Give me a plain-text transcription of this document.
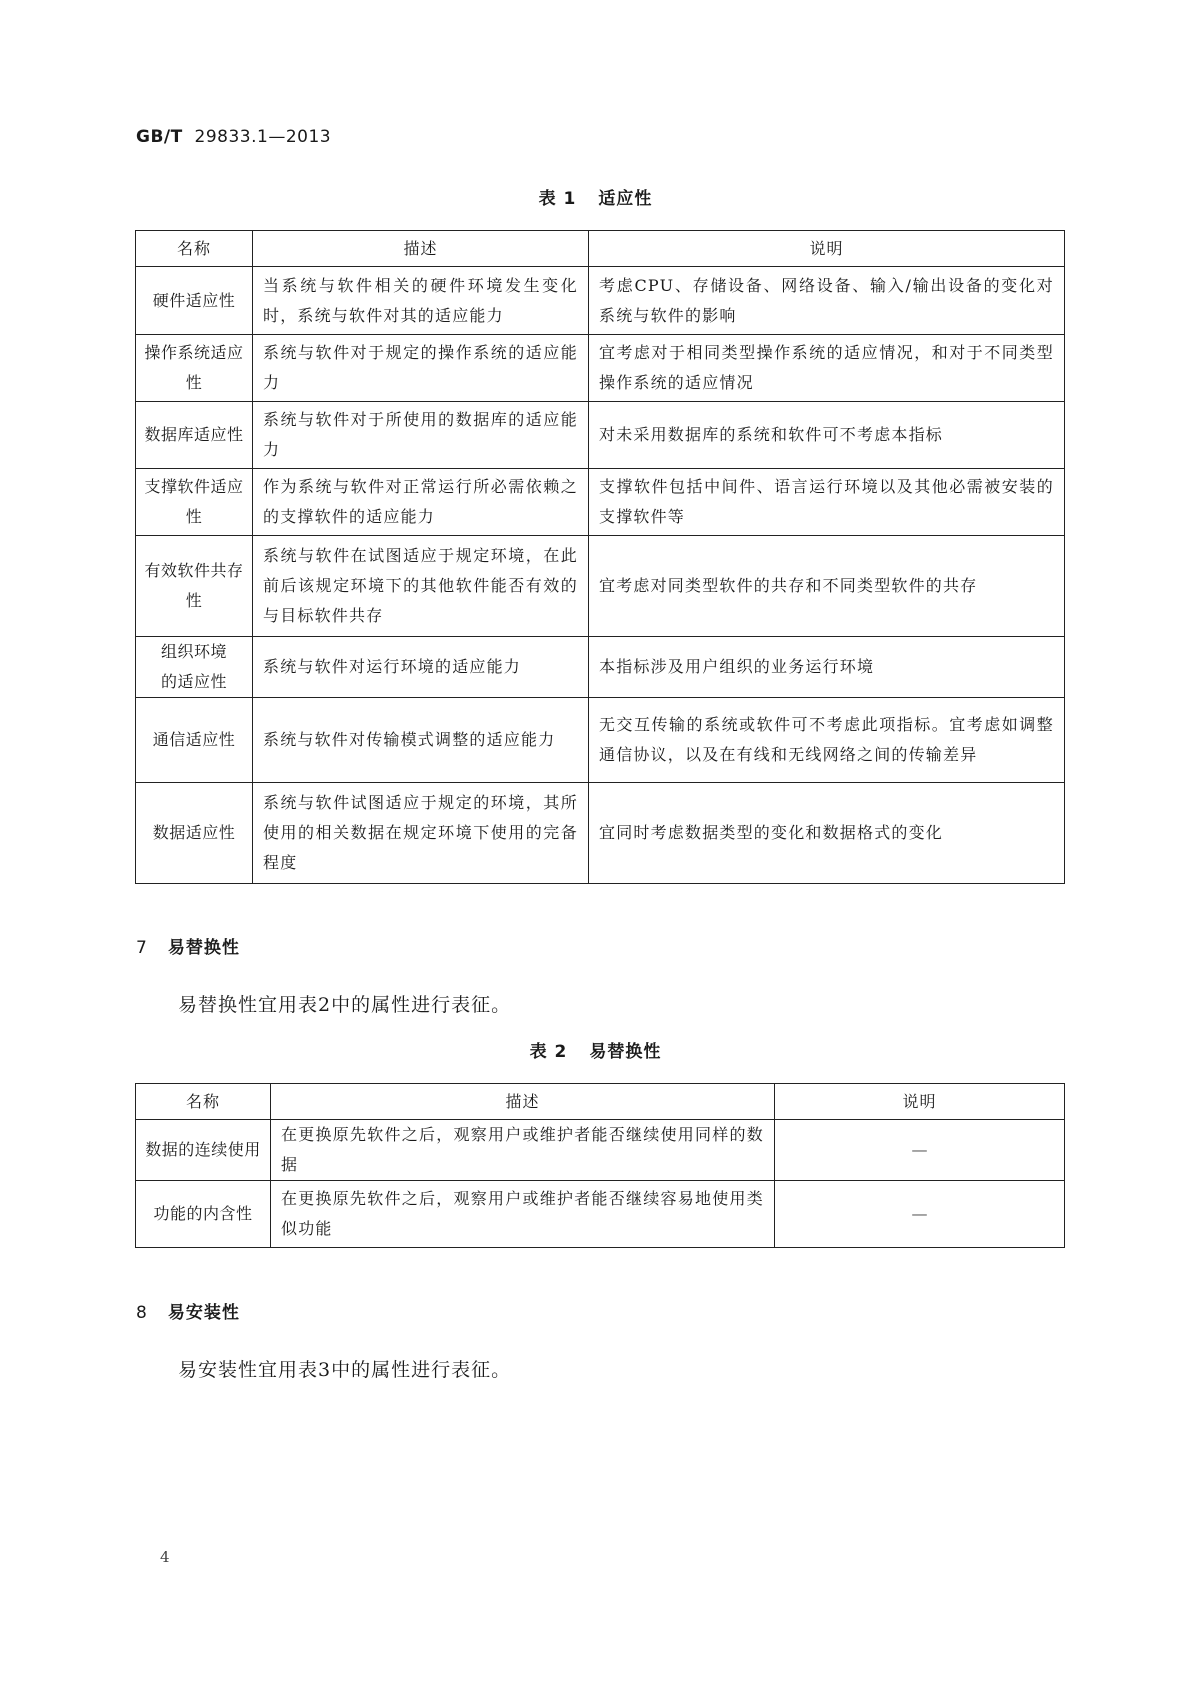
GB/T 29833.1—2013
表 1 适应性
名称	描述	说明
硬件适应性	当系统与软件相关的硬件环境发生变化时，系统与软件对其的适应能力	考虑CPU、存储设备、网络设备、输入/输出设备的变化对系统与软件的影响
操作系统适应性	系统与软件对于规定的操作系统的适应能力	宜考虑对于相同类型操作系统的适应情况，和对于不同类型操作系统的适应情况
数据库适应性	系统与软件对于所使用的数据库的适应能力	对未采用数据库的系统和软件可不考虑本指标
支撑软件适应性	作为系统与软件对正常运行所必需依赖之的支撑软件的适应能力	支撑软件包括中间件、语言运行环境以及其他必需被安装的支撑软件等
有效软件共存性	系统与软件在试图适应于规定环境，在此前后该规定环境下的其他软件能否有效的与目标软件共存	宜考虑对同类型软件的共存和不同类型软件的共存
组织环境的适应性	系统与软件对运行环境的适应能力	本指标涉及用户组织的业务运行环境
通信适应性	系统与软件对传输模式调整的适应能力	无交互传输的系统或软件可不考虑此项指标。宜考虑如调整通信协议，以及在有线和无线网络之间的传输差异
数据适应性	系统与软件试图适应于规定的环境，其所使用的相关数据在规定环境下使用的完备程度	宜同时考虑数据类型的变化和数据格式的变化
7 易替换性
易替换性宜用表2中的属性进行表征。
表 2 易替换性
名称	描述	说明
数据的连续使用	在更换原先软件之后，观察用户或维护者能否继续使用同样的数据	—
功能的内含性	在更换原先软件之后，观察用户或维护者能否继续容易地使用类似功能	—
8 易安装性
易安装性宜用表3中的属性进行表征。
4
